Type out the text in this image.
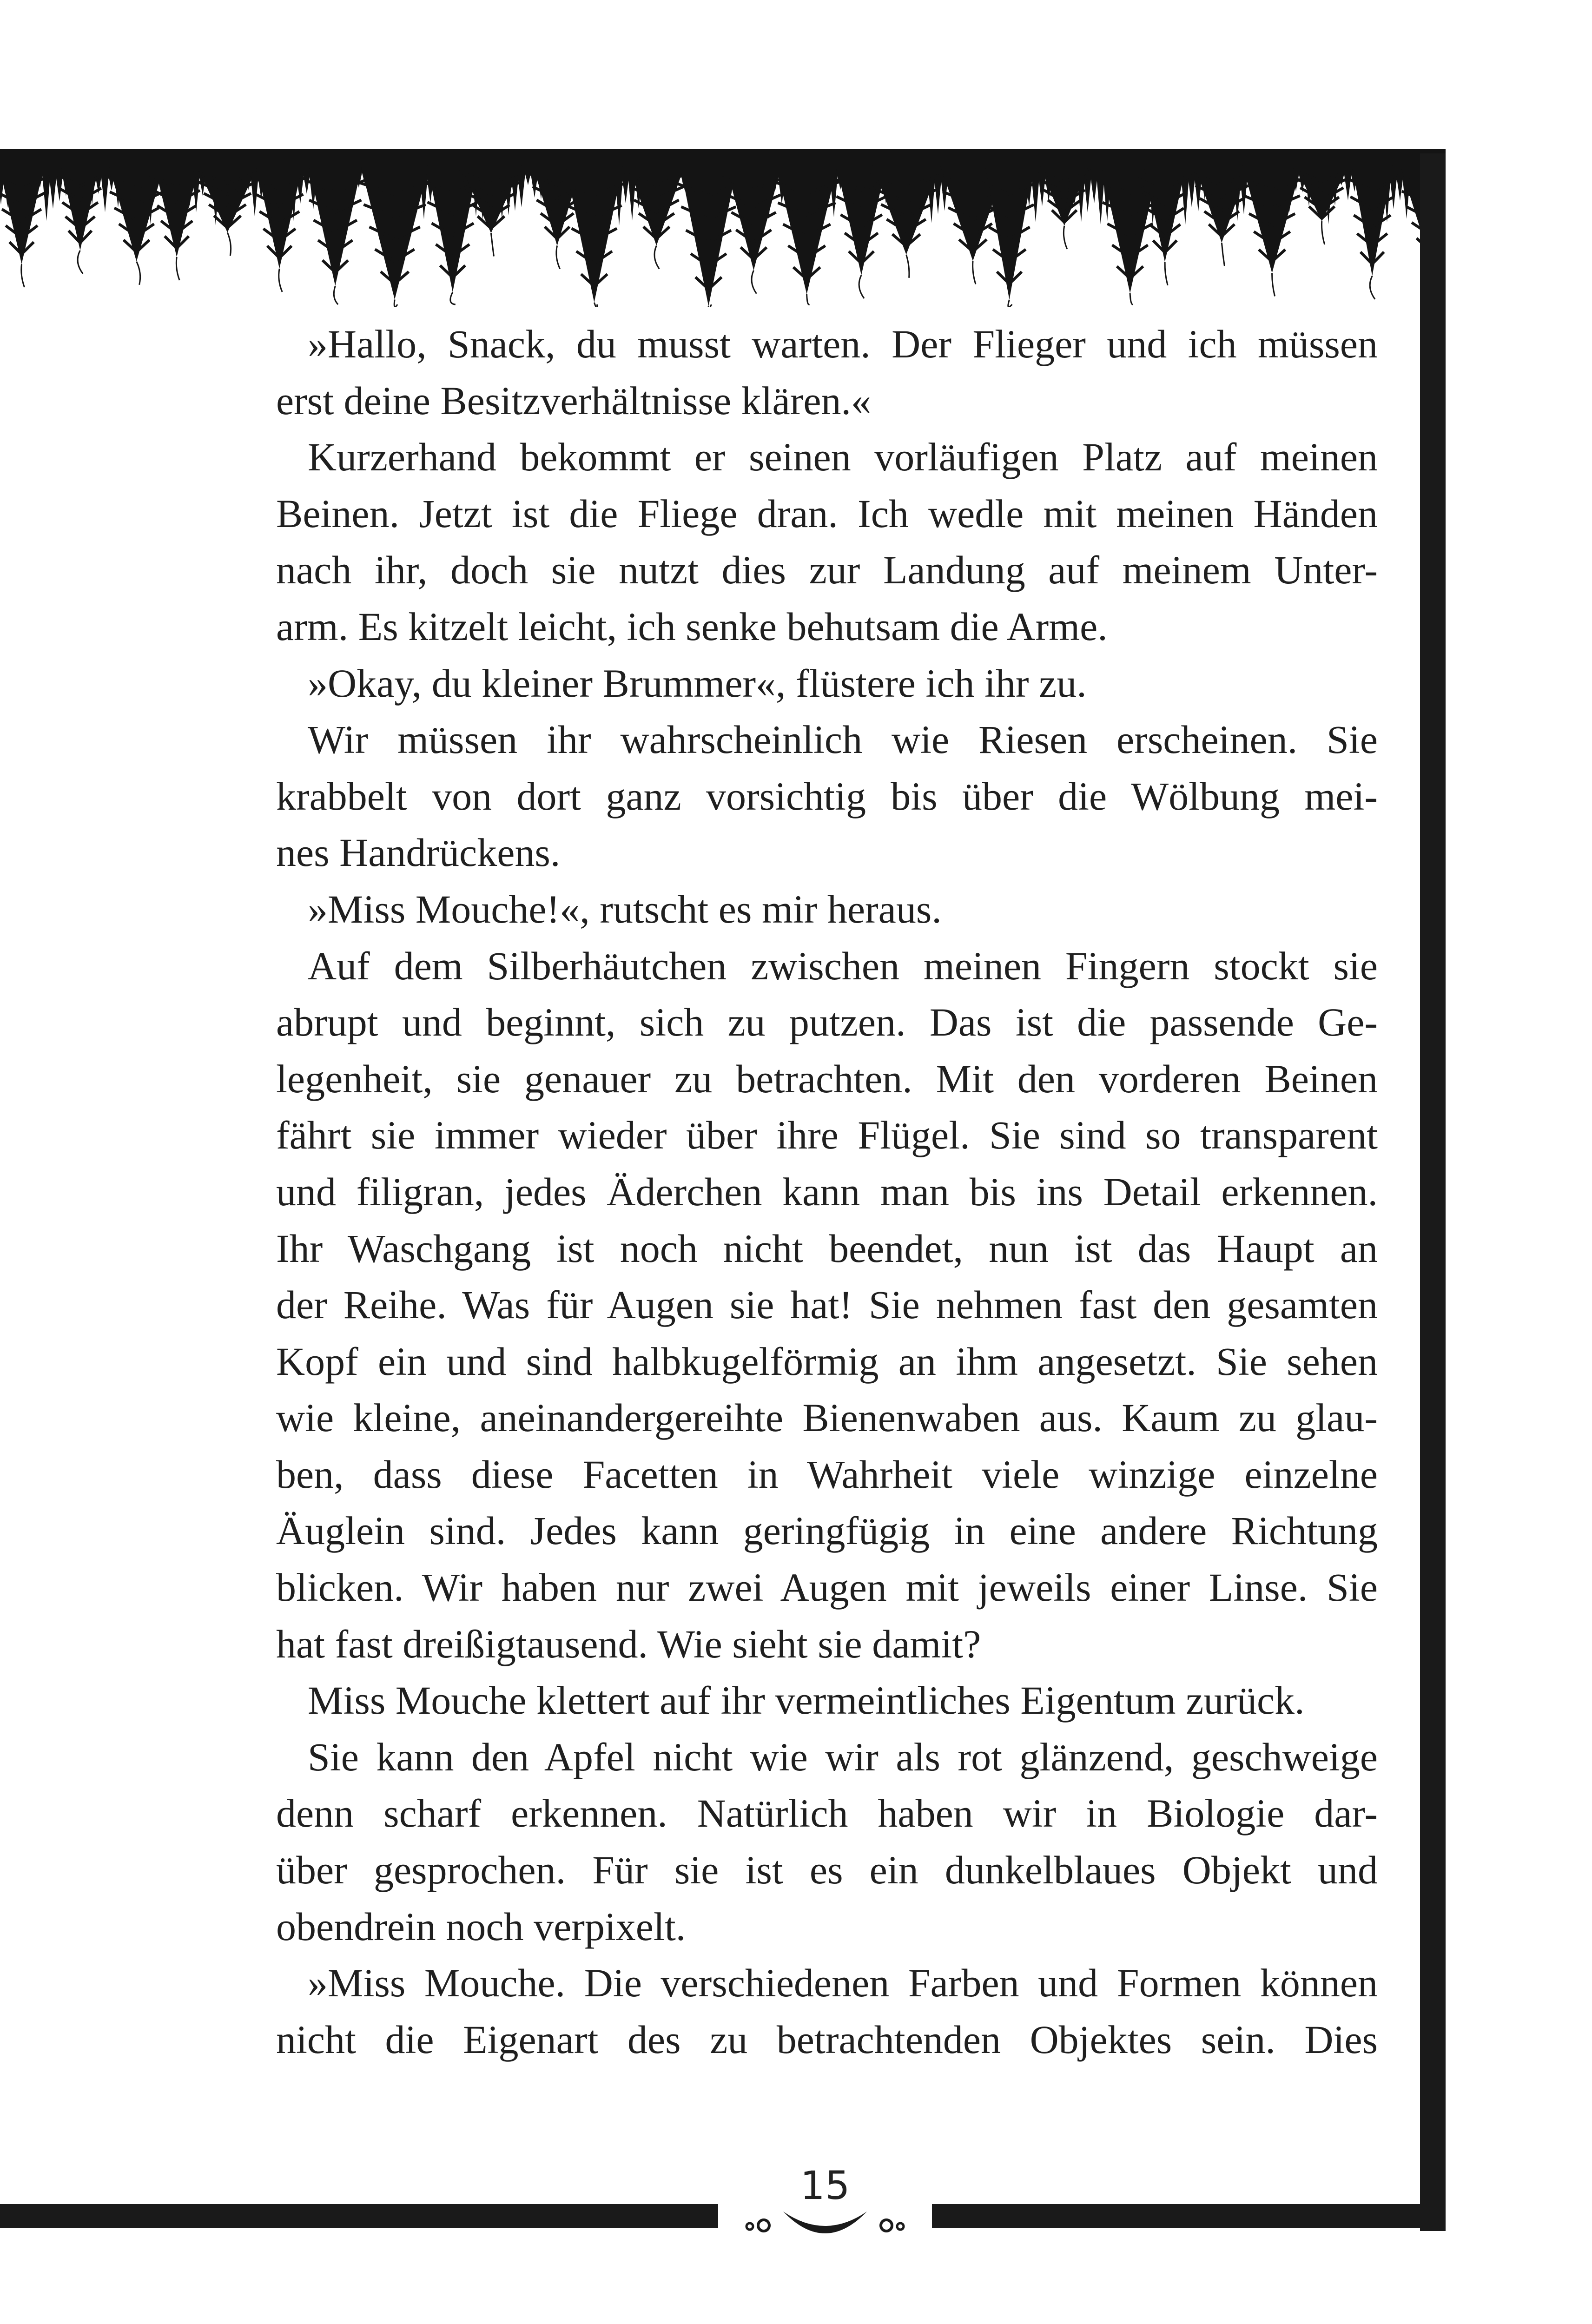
»Hallo, Snack, du musst warten. Der Flieger und ich müssen
erst deine Besitzverhältnisse klären.«
Kurzerhand bekommt er seinen vorläufigen Platz auf meinen
Beinen. Jetzt ist die Fliege dran. Ich wedle mit meinen Händen
nach ihr, doch sie nutzt dies zur Landung auf meinem Unter-
arm. Es kitzelt leicht, ich senke behutsam die Arme.
»Okay, du kleiner Brummer«, flüstere ich ihr zu.
Wir müssen ihr wahrscheinlich wie Riesen erscheinen. Sie
krabbelt von dort ganz vorsichtig bis über die Wölbung mei-
nes Handrückens.
»Miss Mouche!«, rutscht es mir heraus.
Auf dem Silberhäutchen zwischen meinen Fingern stockt sie
abrupt und beginnt, sich zu putzen. Das ist die passende Ge-
legenheit, sie genauer zu betrachten. Mit den vorderen Beinen
fährt sie immer wieder über ihre Flügel. Sie sind so transparent
und filigran, jedes Äderchen kann man bis ins Detail erkennen.
Ihr Waschgang ist noch nicht beendet, nun ist das Haupt an
der Reihe. Was für Augen sie hat! Sie nehmen fast den gesamten
Kopf ein und sind halbkugelförmig an ihm angesetzt. Sie sehen
wie kleine, aneinandergereihte Bienenwaben aus. Kaum zu glau-
ben, dass diese Facetten in Wahrheit viele winzige einzelne
Äuglein sind. Jedes kann geringfügig in eine andere Richtung
blicken. Wir haben nur zwei Augen mit jeweils einer Linse. Sie
hat fast dreißigtausend. Wie sieht sie damit?
Miss Mouche klettert auf ihr vermeintliches Eigentum zurück.
Sie kann den Apfel nicht wie wir als rot glänzend, geschweige
denn scharf erkennen. Natürlich haben wir in Biologie dar-
über gesprochen. Für sie ist es ein dunkelblaues Objekt und
obendrein noch verpixelt.
»Miss Mouche. Die verschiedenen Farben und Formen können
nicht die Eigenart des zu betrachtenden Objektes sein. Dies
15
